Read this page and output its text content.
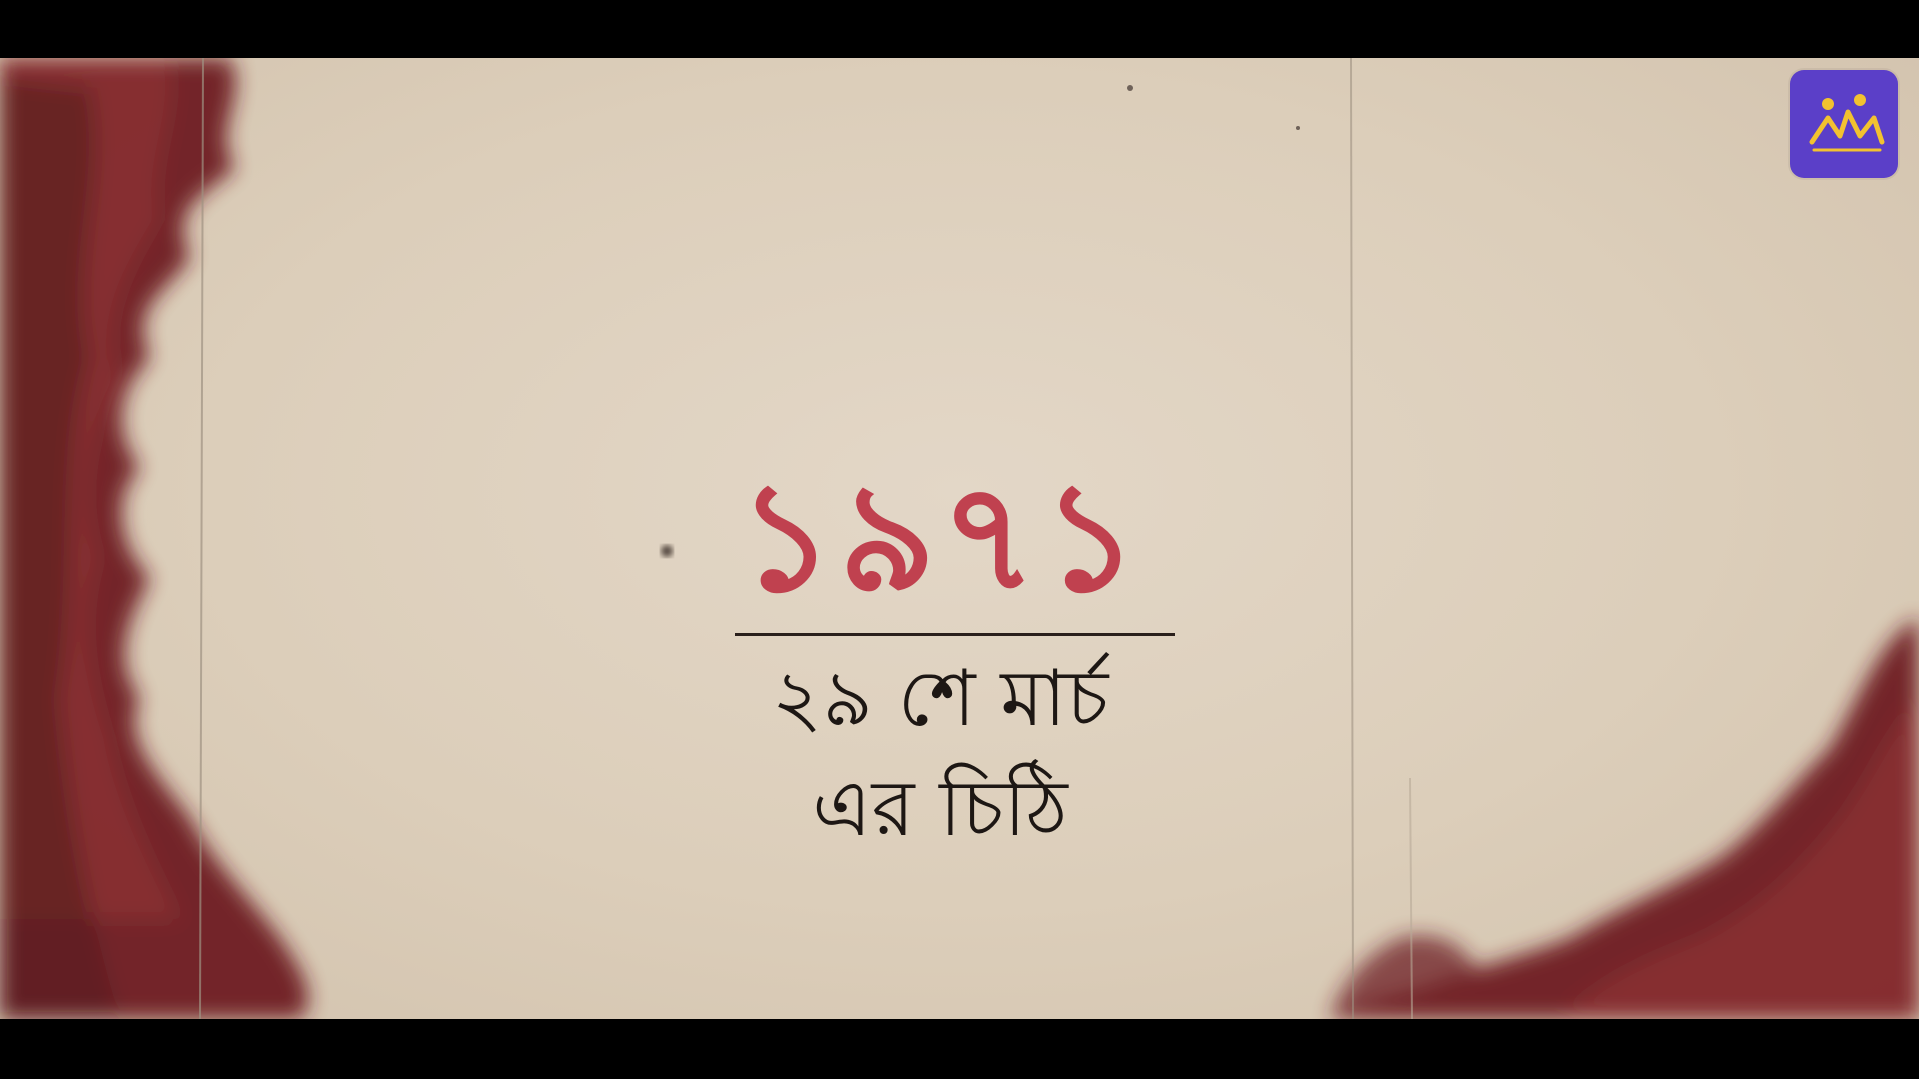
১৯৭১
২৯ শে মার্চ
এর চিঠি
